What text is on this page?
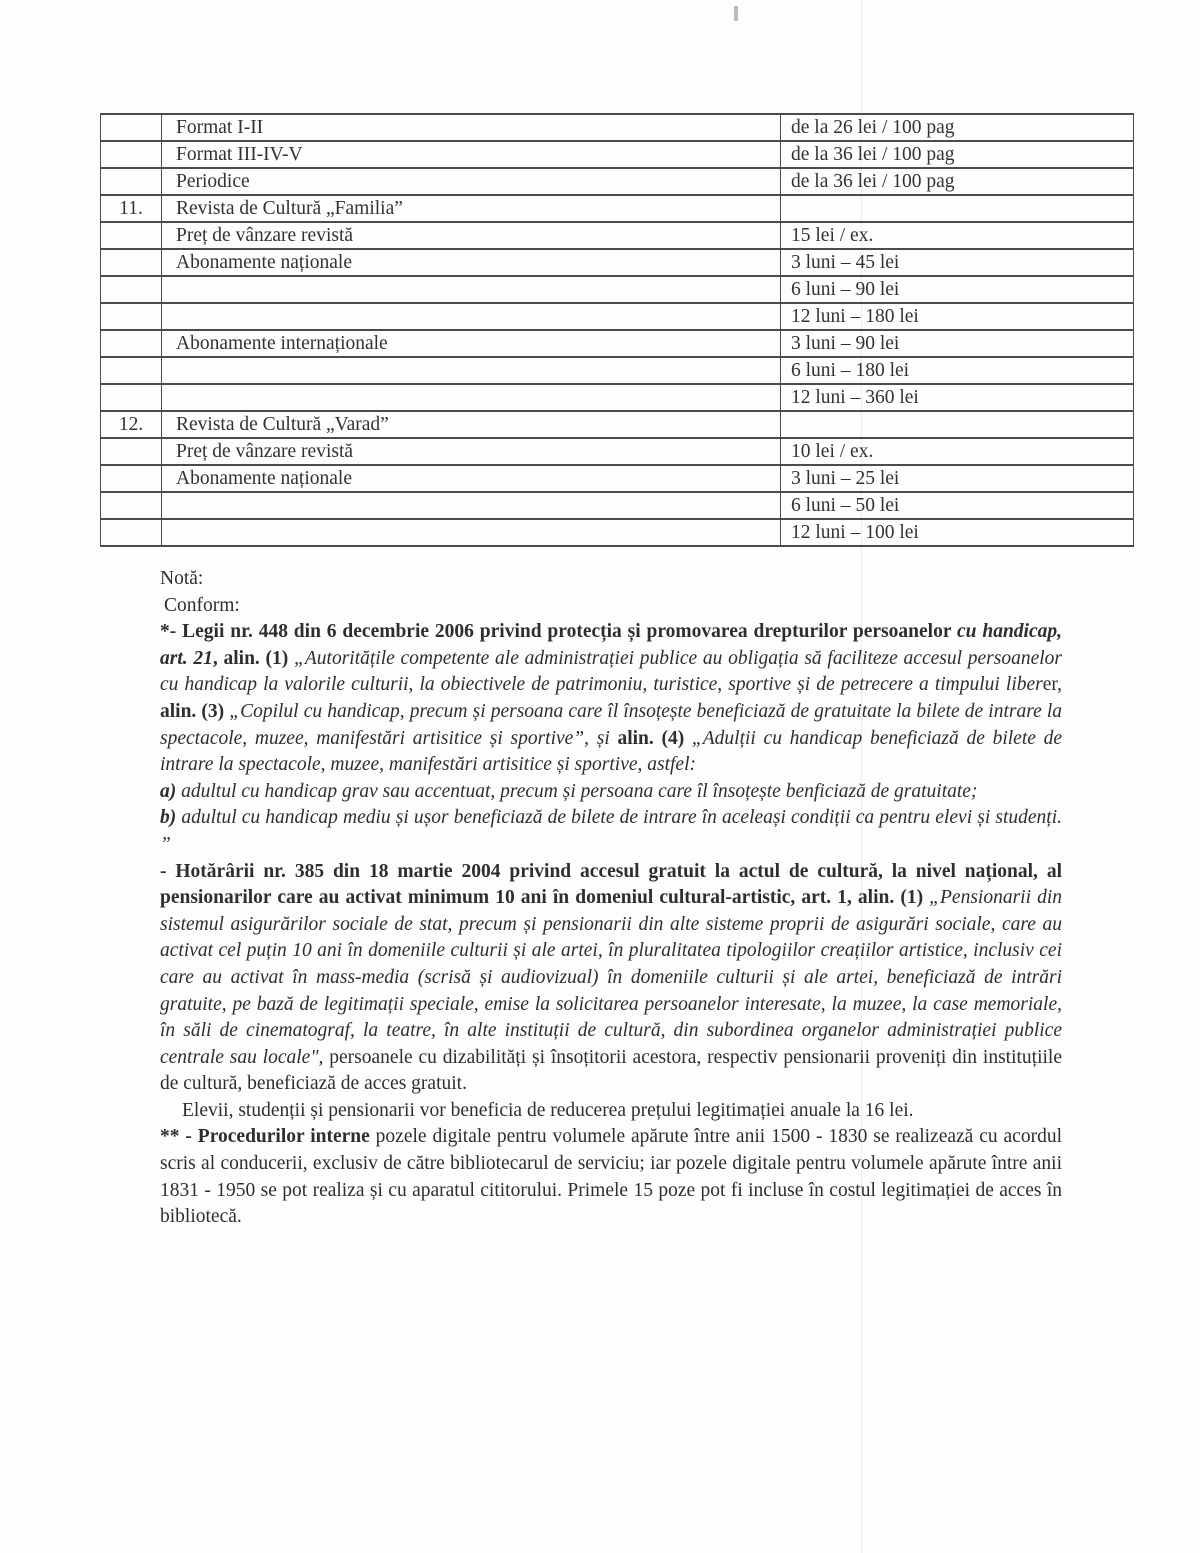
	Format I-II	de la 26 lei / 100 pag
	Format III-IV-V	de la 36 lei / 100 pag
	Periodice	de la 36 lei / 100 pag
11.	Revista de Cultură „Familia”	
	Preț de vânzare revistă	15 lei / ex.
	Abonamente naționale	3 luni – 45 lei
		6 luni – 90 lei
		12 luni – 180 lei
	Abonamente internaționale	3 luni – 90 lei
		6 luni – 180 lei
		12 luni – 360 lei
12.	Revista de Cultură „Varad”	
	Preț de vânzare revistă	10 lei / ex.
	Abonamente naționale	3 luni – 25 lei
		6 luni – 50 lei
		12 luni – 100 lei

Notă:

Conform:

*- Legii nr. 448 din 6 decembrie 2006 privind protecția și promovarea drepturilor persoanelor cu handicap, art. 21, alin. (1) „Autoritățile competente ale administrației publice au obligația să faciliteze accesul persoanelor cu handicap la valorile culturii, la obiectivele de patrimoniu, turistice, sportive și de petrecere a timpului liberer, alin. (3) „Copilul cu handicap, precum și persoana care îl însoțește beneficiază de gratuitate la bilete de intrare la spectacole, muzee, manifestări artisitice și sportive”, și alin. (4) „Adulții cu handicap beneficiază de bilete de intrare la spectacole, muzee, manifestări artisitice și sportive, astfel:

a) adultul cu handicap grav sau accentuat, precum și persoana care îl însoțește benficiază de gratuitate;

b) adultul cu handicap mediu și ușor beneficiază de bilete de intrare în aceleași condiții ca pentru elevi și studenți. ”

- Hotărârii nr. 385 din 18 martie 2004 privind accesul gratuit la actul de cultură, la nivel național, al pensionarilor care au activat minimum 10 ani în domeniul cultural-artistic, art. 1, alin. (1) „Pensionarii din sistemul asigurărilor sociale de stat, precum și pensionarii din alte sisteme proprii de asigurări sociale, care au activat cel puțin 10 ani în domeniile culturii și ale artei, în pluralitatea tipologiilor creațiilor artistice, inclusiv cei care au activat în mass-media (scrisă și audiovizual) în domeniile culturii și ale artei, beneficiază de intrări gratuite, pe bază de legitimații speciale, emise la solicitarea persoanelor interesate, la muzee, la case memoriale, în săli de cinematograf, la teatre, în alte instituții de cultură, din subordinea organelor administrației publice centrale sau locale", persoanele cu dizabilități și însoțitorii acestora, respectiv pensionarii proveniți din instituțiile de cultură, beneficiază de acces gratuit.

Elevii, studenții și pensionarii vor beneficia de reducerea prețului legitimației anuale la 16 lei.

** - Procedurilor interne pozele digitale pentru volumele apărute între anii 1500 - 1830 se realizează cu acordul scris al conducerii, exclusiv de către bibliotecarul de serviciu; iar pozele digitale pentru volumele apărute între anii 1831 - 1950 se pot realiza și cu aparatul cititorului. Primele 15 poze pot fi incluse în costul legitimației de acces în bibliotecă.
